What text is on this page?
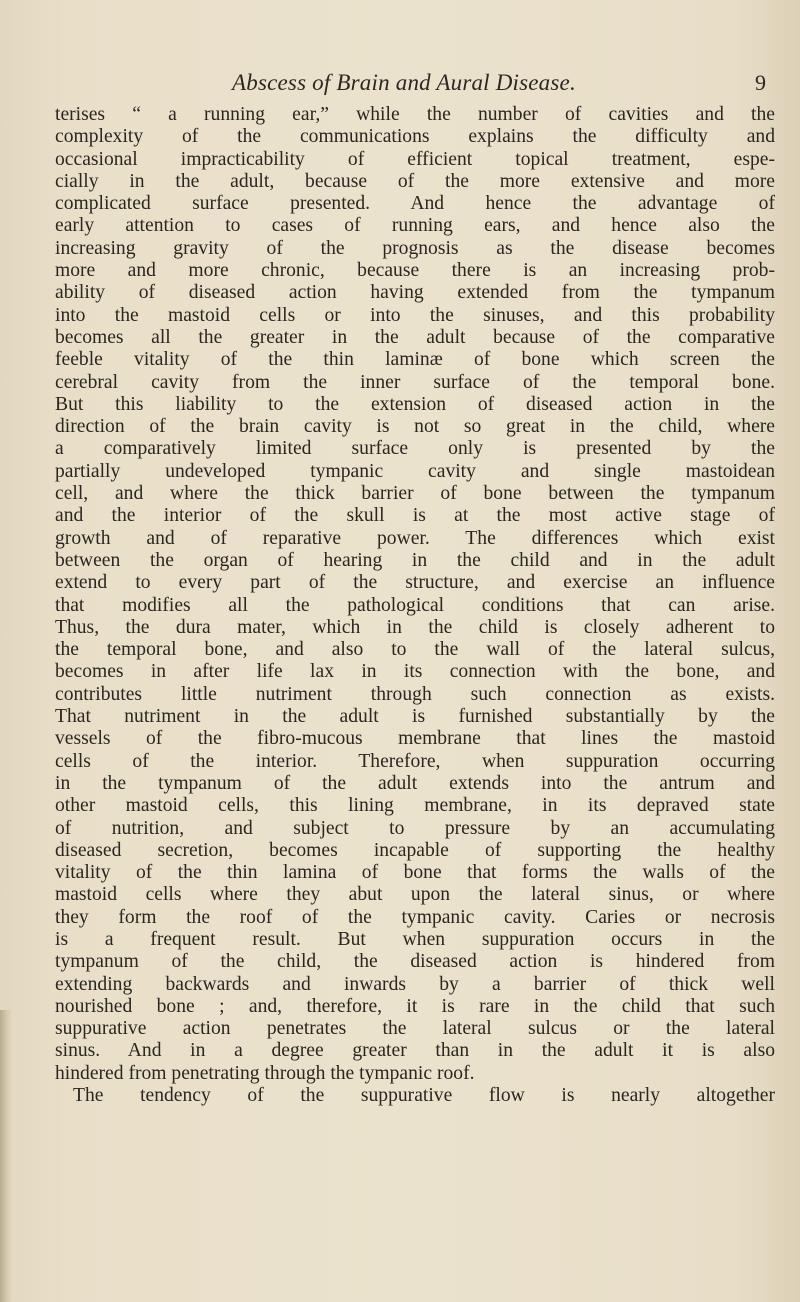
Abscess of Brain and Aural Disease.	9
terises “ a running ear,” while the number of cavities and the
complexity of the communications explains the difficulty and
occasional impracticability of efficient topical treatment, espe-
cially in the adult, because of the more extensive and more
complicated surface presented. And hence the advantage of
early attention to cases of running ears, and hence also the
increasing gravity of the prognosis as the disease becomes
more and more chronic, because there is an increasing prob-
ability of diseased action having extended from the tympanum
into the mastoid cells or into the sinuses, and this probability
becomes all the greater in the adult because of the comparative
feeble vitality of the thin laminæ of bone which screen the
cerebral cavity from the inner surface of the temporal bone.
But this liability to the extension of diseased action in the
direction of the brain cavity is not so great in the child, where
a comparatively limited surface only is presented by the
partially undeveloped tympanic cavity and single mastoidean
cell, and where the thick barrier of bone between the tympanum
and the interior of the skull is at the most active stage of
growth and of reparative power. The differences which exist
between the organ of hearing in the child and in the adult
extend to every part of the structure, and exercise an influence
that modifies all the pathological conditions that can arise.
Thus, the dura mater, which in the child is closely adherent to
the temporal bone, and also to the wall of the lateral sulcus,
becomes in after life lax in its connection with the bone, and
contributes little nutriment through such connection as exists.
That nutriment in the adult is furnished substantially by the
vessels of the fibro-mucous membrane that lines the mastoid
cells of the interior. Therefore, when suppuration occurring
in the tympanum of the adult extends into the antrum and
other mastoid cells, this lining membrane, in its depraved state
of nutrition, and subject to pressure by an accumulating
diseased secretion, becomes incapable of supporting the healthy
vitality of the thin lamina of bone that forms the walls of the
mastoid cells where they abut upon the lateral sinus, or where
they form the roof of the tympanic cavity. Caries or necrosis
is a frequent result. But when suppuration occurs in the
tympanum of the child, the diseased action is hindered from
extending backwards and inwards by a barrier of thick well
nourished bone ; and, therefore, it is rare in the child that such
suppurative action penetrates the lateral sulcus or the lateral
sinus. And in a degree greater than in the adult it is also
hindered from penetrating through the tympanic roof.
The tendency of the suppurative flow is nearly altogether
